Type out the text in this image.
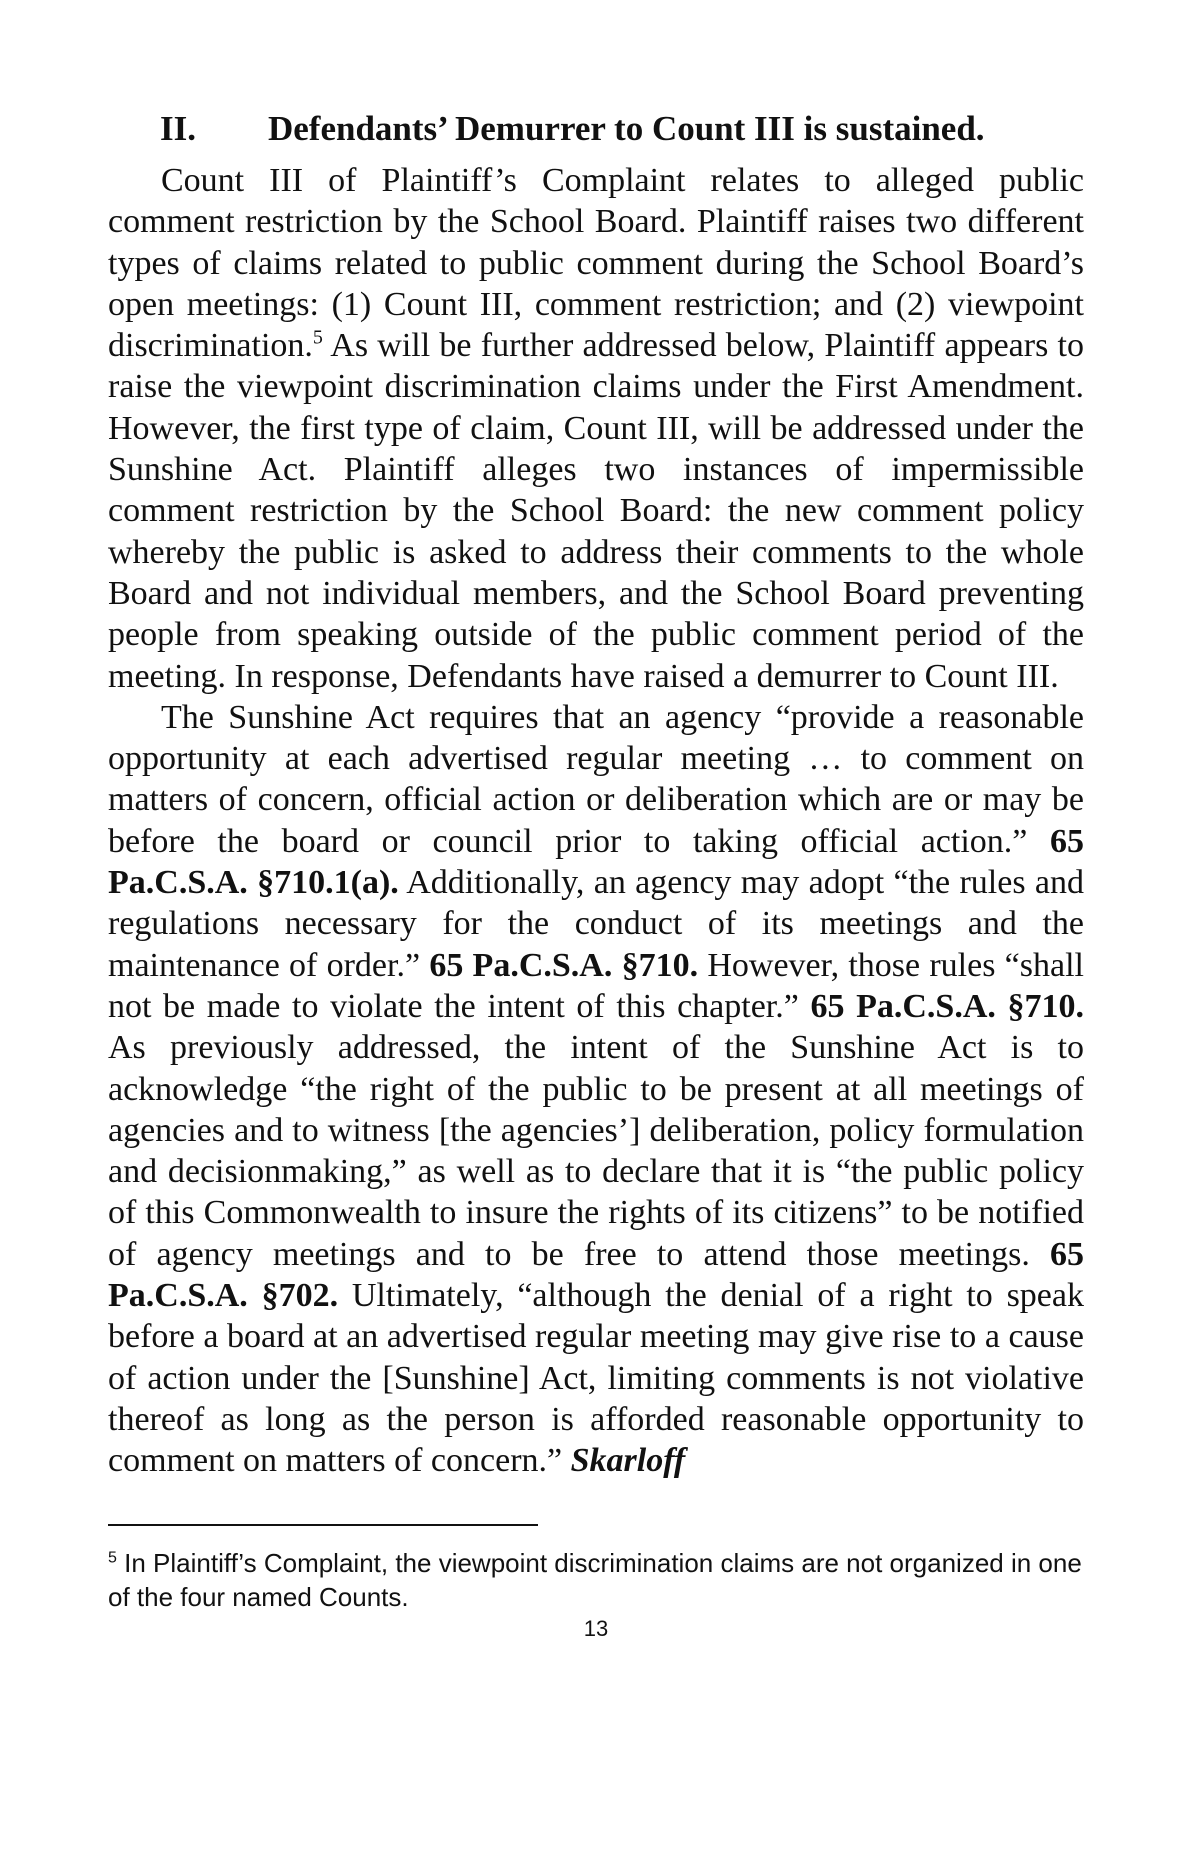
II. Defendants’ Demurrer to Count III is sustained.

Count III of Plaintiff’s Complaint relates to alleged public comment restriction by the School Board. Plaintiff raises two different types of claims related to public comment during the School Board’s open meetings: (1) Count III, comment restriction; and (2) viewpoint discrimination.$^5$ As will be further addressed below, Plaintiff appears to raise the viewpoint discrimination claims under the First Amendment. However, the first type of claim, Count III, will be addressed under the Sunshine Act. Plaintiff alleges two instances of impermissible comment restriction by the School Board: the new comment policy whereby the public is asked to address their comments to the whole Board and not individual members, and the School Board preventing people from speaking outside of the public comment period of the meeting. In response, Defendants have raised a demurrer to Count III.

The Sunshine Act requires that an agency “provide a reasonable opportunity at each advertised regular meeting … to comment on matters of concern, official action or deliberation which are or may be before the board or council prior to taking official action.” 65 Pa.C.S.A. §710.1(a). Additionally, an agency may adopt “the rules and regulations necessary for the conduct of its meetings and the maintenance of order.” 65 Pa.C.S.A. §710. However, those rules “shall not be made to violate the intent of this chapter.” 65 Pa.C.S.A. §710. As previously addressed, the intent of the Sunshine Act is to acknowledge “the right of the public to be present at all meetings of agencies and to witness [the agencies’] deliberation, policy formulation and decisionmaking,” as well as to declare that it is “the public policy of this Commonwealth to insure the rights of its citizens” to be notified of agency meetings and to be free to attend those meetings. 65 Pa.C.S.A. §702. Ultimately, “although the denial of a right to speak before a board at an advertised regular meeting may give rise to a cause of action under the [Sunshine] Act, limiting comments is not violative thereof as long as the person is afforded reasonable opportunity to comment on matters of concern.” Skarloff

$^5$ In Plaintiff’s Complaint, the viewpoint discrimination claims are not organized in one of the four named Counts.

13
